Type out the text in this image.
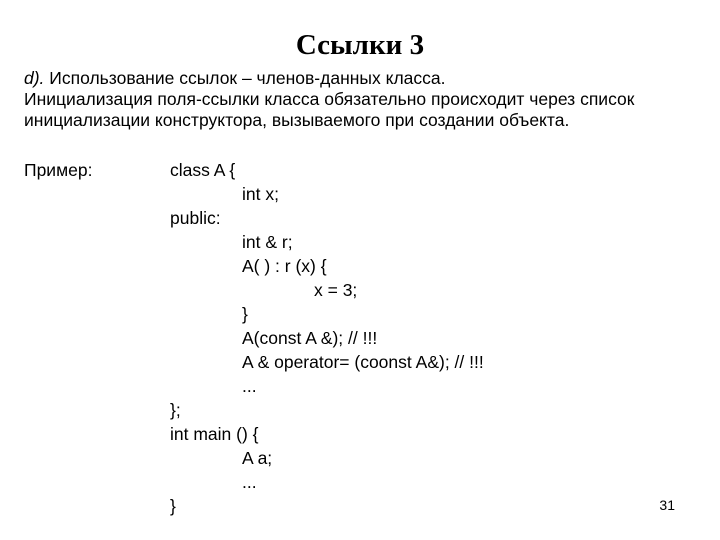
Ссылки 3

d). Использование ссылок – членов-данных класса.

Инициализация поля-ссылки класса обязательно происходит через список

инициализации конструктора, вызываемого при создании объекта.

Пример:	class A {
int x;
public:
int & r;
A( ) : r (x) {
x = 3;
}
A(const A &); // !!!
A & operator= (coonst A&); // !!!
...
};
int main () {
A a;
...
}	31
